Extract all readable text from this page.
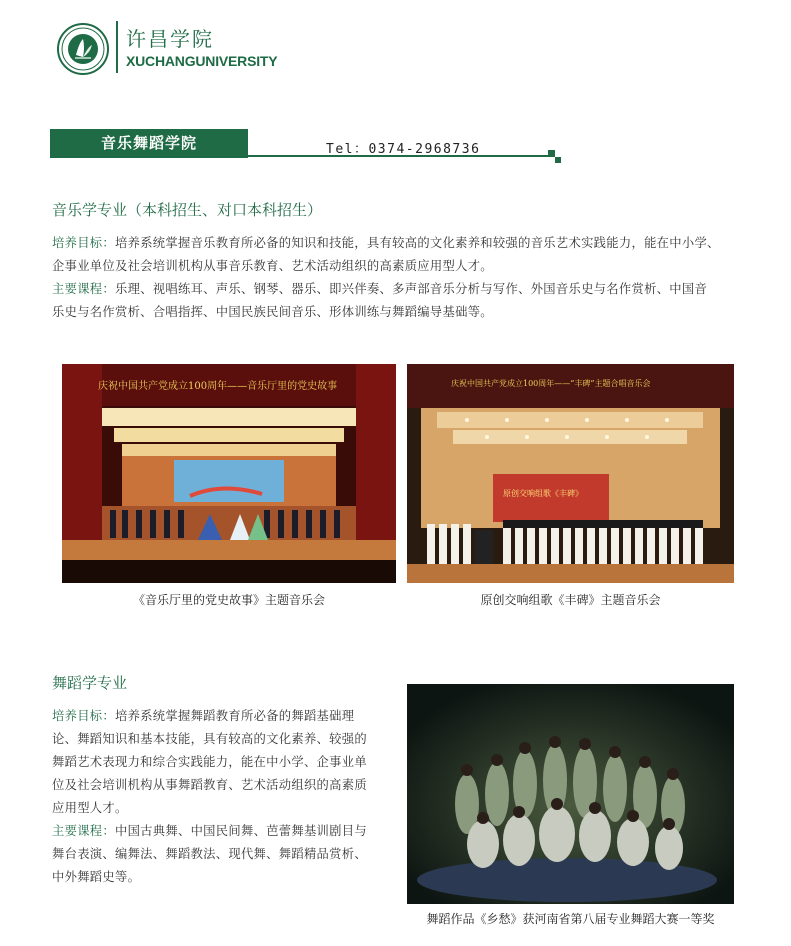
许昌学院
XUCHANGUNIVERSITY
音乐舞蹈学院	Tel：0374-2968736
音乐学专业（本科招生、对口本科招生）
培养目标：培养系统掌握音乐教育所必备的知识和技能，具有较高的文化素养和较强的音乐艺术实践能力，能在中小学、
企事业单位及社会培训机构从事音乐教育、艺术活动组织的高素质应用型人才。
主要课程：乐理、视唱练耳、声乐、钢琴、器乐、即兴伴奏、多声部音乐分析与写作、外国音乐史与名作赏析、中国音
乐史与名作赏析、合唱指挥、中国民族民间音乐、形体训练与舞蹈编导基础等。
庆祝中国共产党成立100周年——音乐厅里的党史故事
《音乐厅里的党史故事》主题音乐会
原创交响组歌《丰碑》
庆祝中国共产党成立100周年——“丰碑”主题合唱音乐会
原创交响组歌《丰碑》主题音乐会
舞蹈学专业
培养目标：培养系统掌握舞蹈教育所必备的舞蹈基础理
论、舞蹈知识和基本技能，具有较高的文化素养、较强的
舞蹈艺术表现力和综合实践能力，能在中小学、企事业单
位及社会培训机构从事舞蹈教育、艺术活动组织的高素质
应用型人才。
主要课程：中国古典舞、中国民间舞、芭蕾舞基训剧目与
舞台表演、编舞法、舞蹈教法、现代舞、舞蹈精品赏析、
中外舞蹈史等。
舞蹈作品《乡愁》获河南省第八届专业舞蹈大赛一等奖
